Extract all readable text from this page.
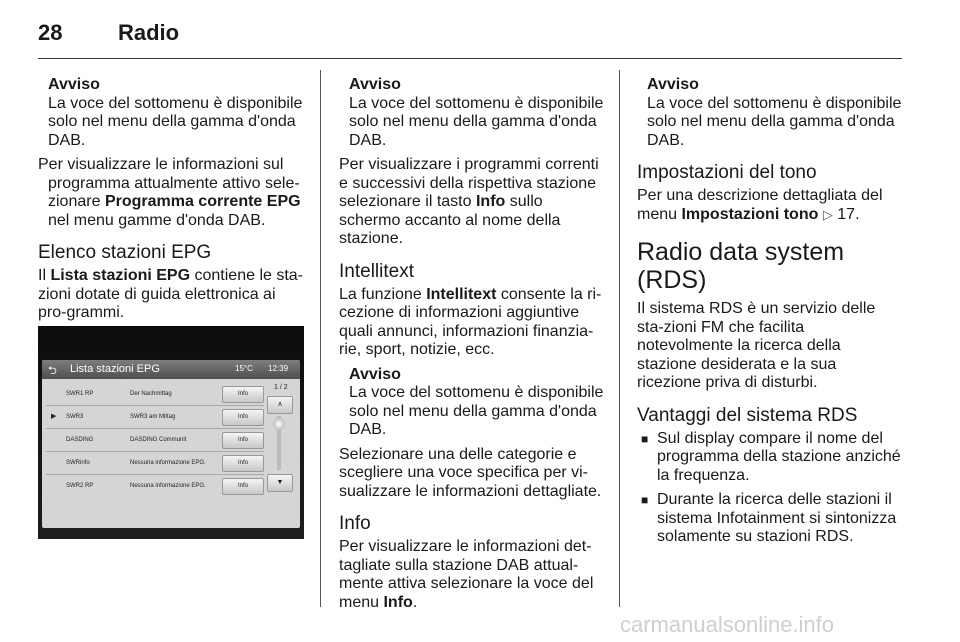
28	Radio
Avviso
La voce del sottomenu è disponibile solo nel menu della gamma d'onda DAB.

Per visualizzare le informazioni sul programma attualmente attivo sele-zionare Programma corrente EPG nel menu gamme d'onda DAB.

Elenco stazioni EPG

Il Lista stazioni EPG contiene le sta-zioni dotate di guida elettronica ai pro-grammi.

⮌ Lista stazioni EPG	15°C 12:39
SWR1 RP	Der Nachmittag	Info
▶ SWR3	SWR3 am Mittag	Info
DASDING	DASDING Communit	Info
SWRinfo	Nessuna informazione EPG.	Info
SWR2 RP	Nessuna informazione EPG.	Info
1 / 2
∧
▼
Avviso
La voce del sottomenu è disponibile solo nel menu della gamma d'onda DAB.

Per visualizzare i programmi correnti e successivi della rispettiva stazione selezionare il tasto Info sullo schermo accanto al nome della stazione.

Intellitext

La funzione Intellitext consente la ri-cezione di informazioni aggiuntive quali annunci, informazioni finanzia-rie, sport, notizie, ecc.

Avviso
La voce del sottomenu è disponibile solo nel menu della gamma d'onda DAB.

Selezionare una delle categorie e scegliere una voce specifica per vi-sualizzare le informazioni dettagliate.

Info

Per visualizzare le informazioni det-tagliate sulla stazione DAB attual-mente attiva selezionare la voce del menu Info.

Avviso
La voce del sottomenu è disponibile solo nel menu della gamma d'onda DAB.
Impostazioni del tono

Per una descrizione dettagliata del menu Impostazioni tono ▷ 17.

Radio data system (RDS)

Il sistema RDS è un servizio delle sta-zioni FM che facilita notevolmente la ricerca della stazione desiderata e la sua ricezione priva di disturbi.

Vantaggi del sistema RDS
■ Sul display compare il nome del programma della stazione anziché la frequenza.
■ Durante la ricerca delle stazioni il sistema Infotainment si sintonizza solamente su stazioni RDS.
carmanualsonline.info
